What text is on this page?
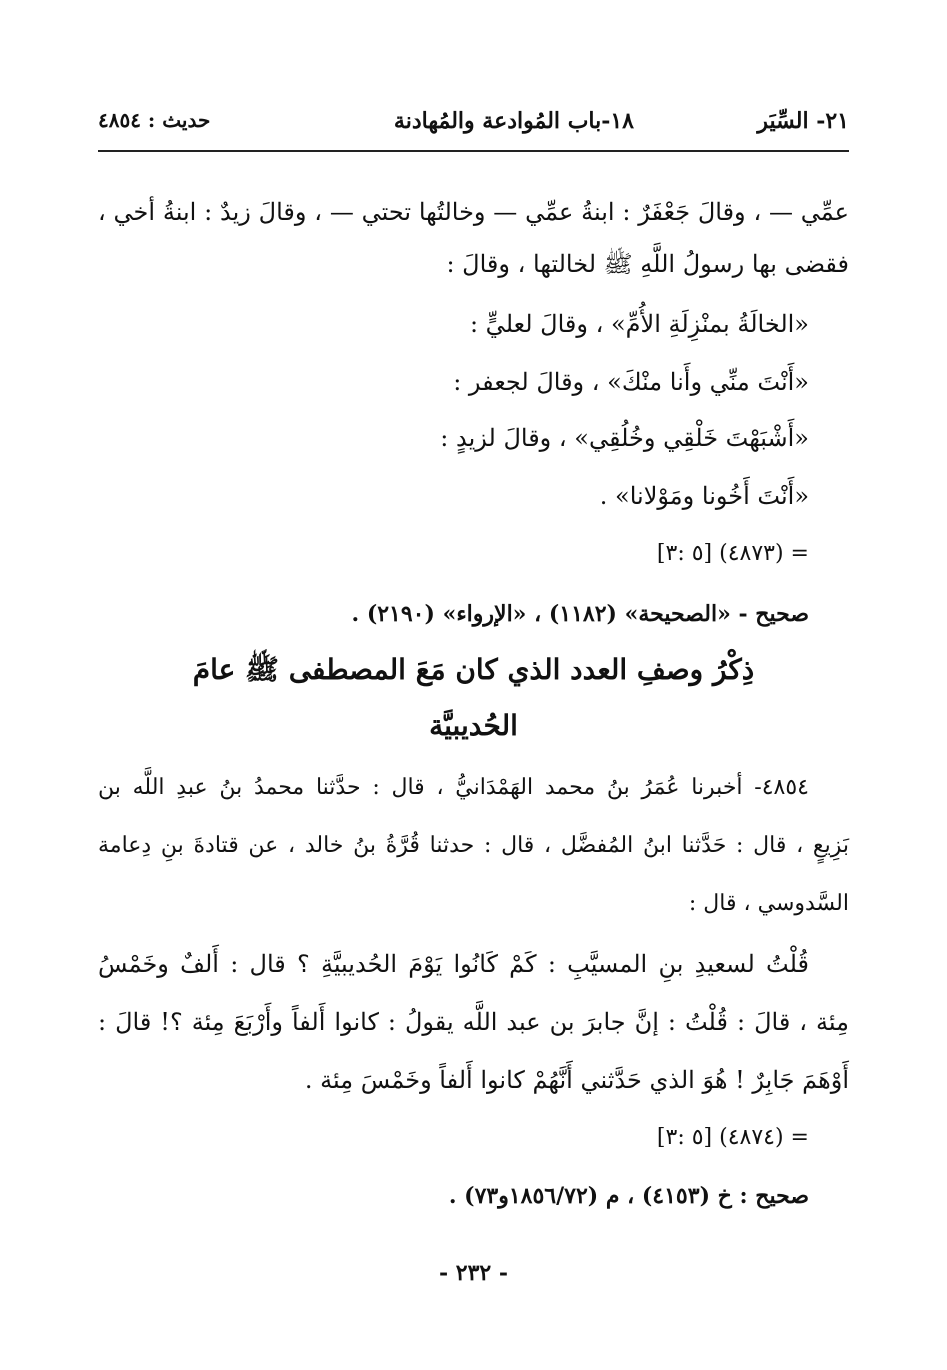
٢١- السِّيَر
١٨-باب المُوادعة والمُهادنة
حديث : ٤٨٥٤
عمِّي — ، وقالَ جَعْفَرٌ : ابنةُ عمِّي — وخالتُها تحتي — ، وقالَ زيدٌ : ابنةُ أخي ،
فقضى بها رسولُ اللَّهِ ﷺ لخالتها ، وقالَ :
«الخالَةُ بمنْزِلَةِ الأُمِّ» ، وقالَ لعليٍّ :
«أَنْتَ منِّي وأَنا منْكَ» ، وقالَ لجعفر :
«أَشْبَهْتَ خَلْقِي وخُلُقِي» ، وقالَ لزيدٍ :
«أَنْتَ أَخُونا ومَوْلانا» .
= (٤٨٧٣) [٥ :٣]
صحيح - «الصحيحة» (١١٨٢) ، «الإرواء» (٢١٩٠) .
ذِكْرُ وصفِ العدد الذي كان مَعَ المصطفى ﷺ عامَ
الحُديبيَّة
٤٨٥٤- أخبرنا عُمَرُ بنُ محمد الهَمْدَانيُّ ، قال : حدَّثنا محمدُ بنُ عبدِ اللَّه بن
بَزِيعٍ ، قال : حَدَّثنا ابنُ المُفضَّل ، قال : حدثنا قُرَّةُ بنُ خالد ، عن قتادةَ بنِ دِعامة
السَّدوسي ، قال :
قُلْتُ لسعيدِ بنِ المسيَّبِ : كَمْ كَانُوا يَوْمَ الحُديبيَّةِ ؟ قال : أَلفٌ وخَمْسُ
مِئة ، قالَ : قُلْتُ : إنَّ جابرَ بن عبد اللَّه يقولُ : كانوا أَلفاً وأَرْبَعَ مِئة ؟! قالَ :
أَوْهَمَ جَابِرٌ ! هُوَ الذي حَدَّثني أَنَّهُمْ كانوا أَلفاً وخَمْسَ مِئة .
= (٤٨٧٤) [٥ :٣]
صحيح : خ (٤١٥٣) ، م (١٨٥٦/٧٢و٧٣) .
- ٢٣٢ -
